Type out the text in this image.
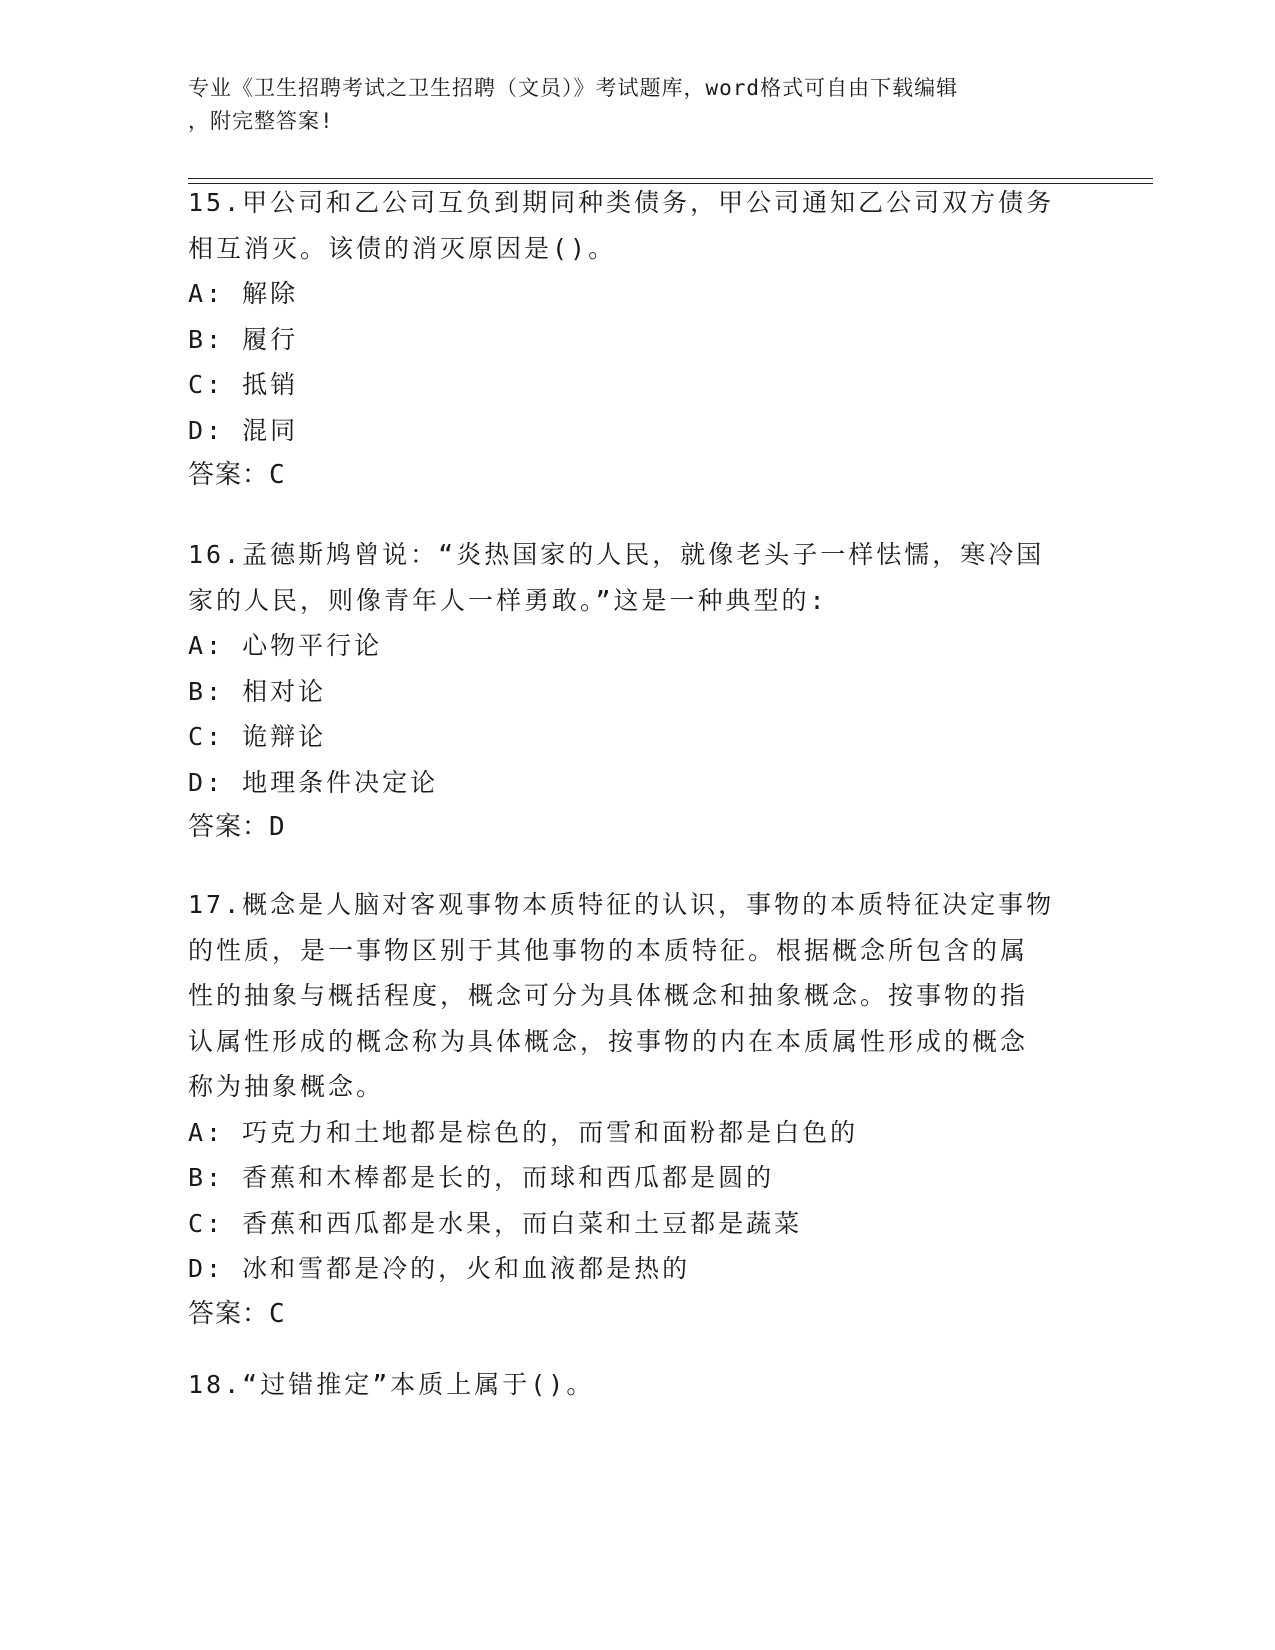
专业《卫生招聘考试之卫生招聘（文员）》考试题库，word格式可自由下载编辑
，附完整答案!
15.甲公司和乙公司互负到期同种类债务，甲公司通知乙公司双方债务
相互消灭。该债的消灭原因是()。
A: 解除
B: 履行
C: 抵销
D: 混同
答案：C
16.孟德斯鸠曾说：“炎热国家的人民，就像老头子一样怯懦，寒冷国
家的人民，则像青年人一样勇敢。”这是一种典型的:
A: 心物平行论
B: 相对论
C: 诡辩论
D: 地理条件决定论
答案：D
17.概念是人脑对客观事物本质特征的认识，事物的本质特征决定事物
的性质，是一事物区别于其他事物的本质特征。根据概念所包含的属
性的抽象与概括程度，概念可分为具体概念和抽象概念。按事物的指
认属性形成的概念称为具体概念，按事物的内在本质属性形成的概念
称为抽象概念。
A: 巧克力和土地都是棕色的，而雪和面粉都是白色的
B: 香蕉和木棒都是长的，而球和西瓜都是圆的
C: 香蕉和西瓜都是水果，而白菜和土豆都是蔬菜
D: 冰和雪都是冷的，火和血液都是热的
答案：C
18.“过错推定”本质上属于()。
